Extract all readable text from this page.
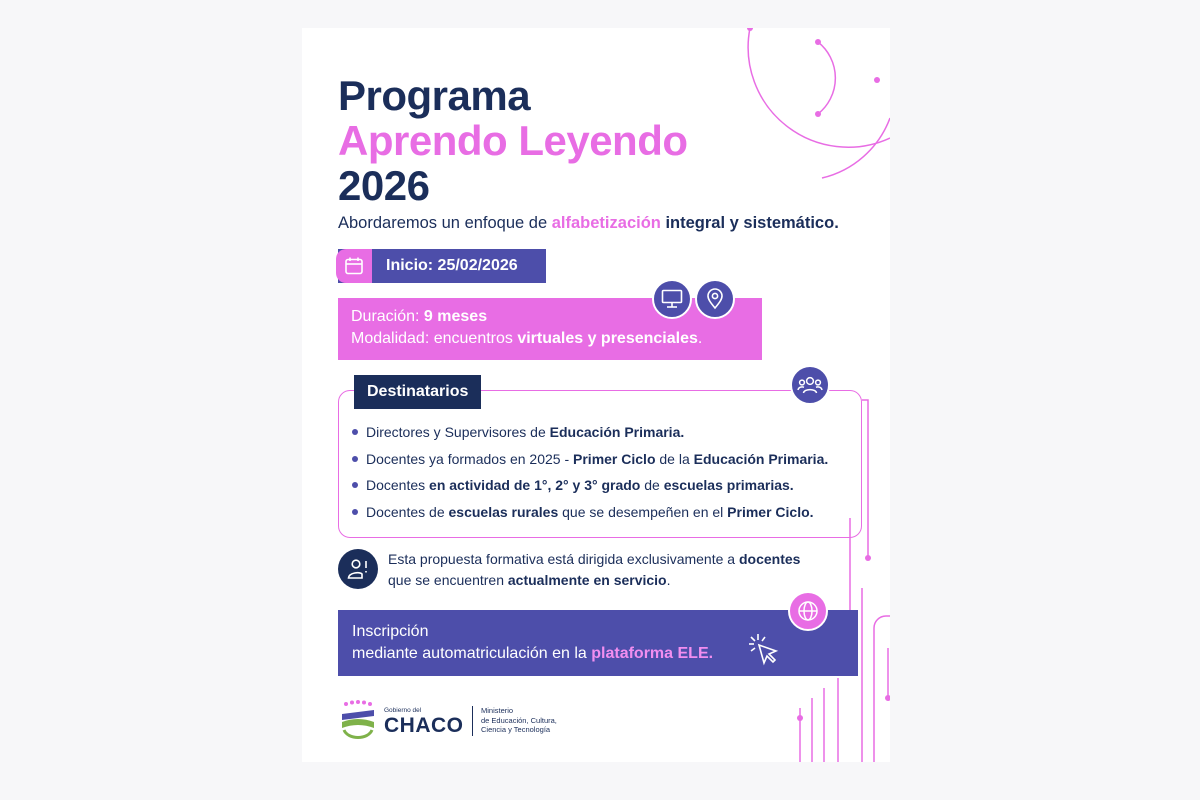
Programa
Aprendo Leyendo
2026
Abordaremos un enfoque de alfabetización integral y sistemático.
Inicio: 25/02/2026
Duración: 9 meses
Modalidad: encuentros virtuales y presenciales.
Destinatarios
Directores y Supervisores de Educación Primaria.
Docentes ya formados en 2025 - Primer Ciclo de la Educación Primaria.
Docentes en actividad de 1°, 2° y 3° grado de escuelas primarias.
Docentes de escuelas rurales que se desempeñen en el Primer Ciclo.
Esta propuesta formativa está dirigida exclusivamente a docentes
que se encuentren actualmente en servicio.
Inscripción
mediante automatriculación en la plataforma ELE.
Gobierno del
CHACO
Ministerio
de Educación, Cultura,
Ciencia y Tecnología
